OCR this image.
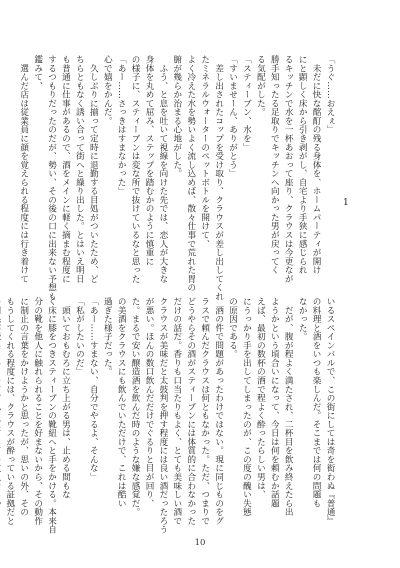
「うぐ……おえぇ」
　未だに快な酩酊の残る身体を、ホームパーティが開け
にと顕しく床から引き剥がし、自宅より手狭に感じられ
るキッチンで水を一杯あおって座り、クラウスは今更なが
勝手知ったる足取りでキッチンへ向かった男が戻ってく
る気配がした。
「スティーブン、水を」
「すいませーん、ありがとう」
　差し出されたコップを受け取り、クラウスが差し出してくれ
たミネラルウォーターのペットボトルを開けて、
よく冷えた水を勢いよく流し込めば、散々仕事で荒れた胃の
腑が幾らか治まる心地がした。
　ふう、と息を吐いて視線を向けた先では、恋人が大きな
身体を丸めて屈み、ステップを踏むかのように慎重に
の様子に、スティーブンは変な所で抜けているなと思った
「あー……さっきはすまなかった」
心で嬉をかんだ。
　久しぶりに揃って定時に退勤する目処がついたため、ど
ちらともなく誘い合って街へと繰り出した。とはいえ明日
も普通に仕事があるので、酒をメインに軽く摘まむ程度に
するつもりだったのだが、勢い、その後の口に出来ない予想も
鑑みて、
　選んだ店は従業員に顔を覚えられる程度には行き着けて	1
いるスペインバルで、この街にしては奇を衒わぬ『普通』
の料理と酒をいつも楽しんだ。そこまでは何の問題も
なかった。
　だが、腹が程よく満たされ、二杯目を飲み終えたら出
ようかという頃合いになって、今日は何を頼むか話題
えば、最初の数杯の酒で程よく酔ったらしい男は、
にうっかり手を出してしまったのが、この度の醜い失態
の原因である。
　酒の件で問題があったわけではない。現に同じものをグ
ラスで頼んだクラウスは何ともなかった。ただ、つまりで
どうやらその酒がスティーブンには体質的に合わなかった
だけの話だ。香りも口当たりもよく、とても美味しい酒で
クラウスが美味だと太鼓判を押す程度には良い酒だったろう
が悪い。ほんの数口飲んだだけでぐるりと目が回り、
た。まるで安い醸造酒を飲んだ時のような嫌な感覚だ。
の美酒をクラウスにも飲んでいただけで、これは酷い
過ぎた様子だった。
「あー……すまない、自分でやるよ、そんな」
「私がしたいのだ」
　頭いておもむろに立ち上がる男は、止める間もな
く床に膝をつきスティーブンの靴紐へと手をかける。本来自
分の靴を他人に触れられることを好まないから、その動作
に制止の言葉をかけようかと思ったが、思いの外、その
もうしてくれる程度には、クラウスが酔っている証拠だと

10
